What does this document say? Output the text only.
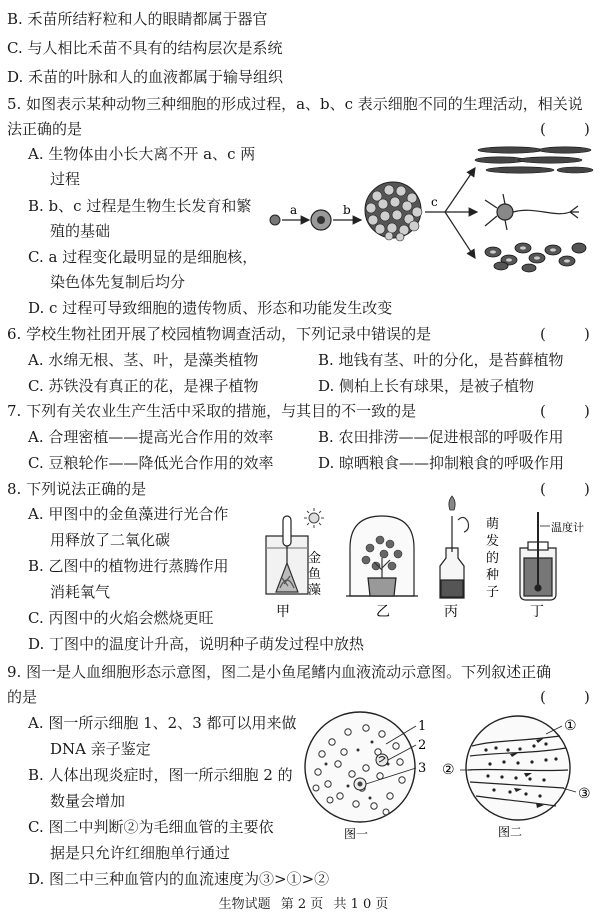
B. 禾苗所结籽粒和人的眼睛都属于器官
C. 与人相比禾苗不具有的结构层次是系统
D. 禾苗的叶脉和人的血液都属于输导组织
5. 如图表示某种动物三种细胞的形成过程，a、b、c 表示细胞不同的生理活动，相关说
法正确的是	(        )
A. 生物体由小长大离不开 a、c 两
过程
B. b、c 过程是生物生长发育和繁
殖的基础
C. a 过程变化最明显的是细胞核，
染色体先复制后均分
D. c 过程可导致细胞的遗传物质、形态和功能发生改变
a	b
c
6. 学校生物社团开展了校园植物调查活动，下列记录中错误的是	(        )
A. 水绵无根、茎、叶，是藻类植物	B. 地钱有茎、叶的分化，是苔藓植物
C. 苏铁没有真正的花，是裸子植物	D. 侧柏上长有球果，是被子植物
7. 下列有关农业生产生活中采取的措施，与其目的不一致的是	(        )
A. 合理密植——提高光合作用的效率	B. 农田排涝——促进根部的呼吸作用
C. 豆粮轮作——降低光合作用的效率	D. 晾晒粮食——抑制粮食的呼吸作用
8. 下列说法正确的是	(        )
A. 甲图中的金鱼藻进行光合作
用释放了二氧化碳
B. 乙图中的植物进行蒸腾作用
消耗氧气
C. 丙图中的火焰会燃烧更旺
D. 丁图中的温度计升高，说明种子萌发过程中放热
金
鱼
藻
甲	乙	丙
萌
发
的
种
子
温度计
丁
9. 图一是人血细胞形态示意图，图二是小鱼尾鳍内血液流动示意图。下列叙述正确
的是	(        )
A. 图一所示细胞 1、2、3 都可以用来做
DNA 亲子鉴定
B. 人体出现炎症时，图一所示细胞 2 的
数量会增加
C. 图二中判断②为毛细血管的主要依
据是只允许红细胞单行通过
D. 图二中三种血管内的血流速度为③>①>②
1
2
3
图一
①
②
③
图二
生物试题 第 2 页 共 1 0 页
